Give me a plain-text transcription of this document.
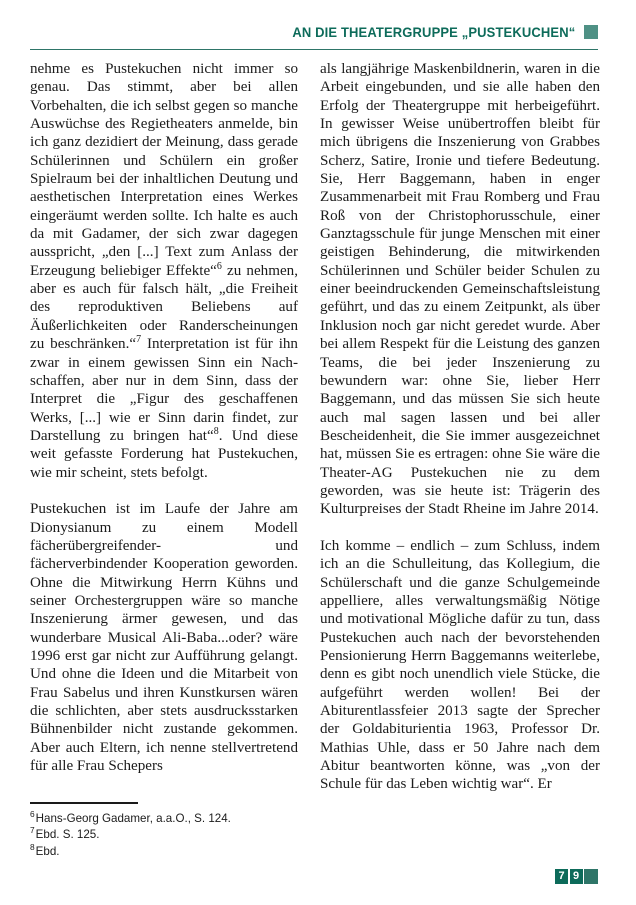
AN DIE THEATERGRUPPE „PUSTEKUCHEN“

nehme es Pustekuchen nicht immer so genau. Das stimmt, aber bei allen Vorbehalten, die ich selbst gegen so manche Auswüchse des Regietheaters anmelde, bin ich ganz dezidiert der Meinung, dass gerade Schülerinnen und Schülern ein großer Spielraum bei der inhaltlichen Deutung und aesthetischen Interpretation eines Werkes eingeräumt werden sollte. Ich halte es auch da mit Gadamer, der sich zwar dagegen ausspricht, „den [...] Text zum Anlass der Erzeugung beliebiger Effekte“$^6$ zu nehmen, aber es auch für falsch hält, „die Freiheit des reproduktiven Beliebens auf Äußerlichkeiten oder Randerscheinungen zu beschränken.“$^7$ Interpretation ist für ihn zwar in einem gewissen Sinn ein Nach-schaffen, aber nur in dem Sinn, dass der Interpret die „Figur des geschaffenen Werks, [...] wie er Sinn darin findet, zur Darstellung zu bringen hat“$^8$. Und diese weit gefasste Forderung hat Pustekuchen, wie mir scheint, stets befolgt.

Pustekuchen ist im Laufe der Jahre am Dionysianum zu einem Modell fächerübergreifender- und fächerverbindender Kooperation geworden. Ohne die Mitwirkung Herrn Kühns und seiner Orchestergruppen wäre so manche Inszenierung ärmer gewesen, und das wunderbare Musical Ali-Baba...oder? wäre 1996 erst gar nicht zur Aufführung gelangt. Und ohne die Ideen und die Mitarbeit von Frau Sabelus und ihren Kunstkursen wären die schlichten, aber stets ausdrucksstarken Bühnenbilder nicht zustande gekommen. Aber auch Eltern, ich nenne stellvertretend für alle Frau Schepers

$^6$Hans-Georg Gadamer, a.a.O., S. 124.

$^7$Ebd. S. 125.

$^8$Ebd.

als langjährige Maskenbildnerin, waren in die Arbeit eingebunden, und sie alle haben den Erfolg der Theatergruppe mit herbeigeführt. In gewisser Weise unübertroffen bleibt für mich übrigens die Inszenierung von Grabbes Scherz, Satire, Ironie und tiefere Bedeutung. Sie, Herr Baggemann, haben in enger Zusammenarbeit mit Frau Romberg und Frau Roß von der Christophorusschule, einer Ganztagsschule für junge Menschen mit einer geistigen Behinderung, die mitwirkenden Schülerinnen und Schüler beider Schulen zu einer beeindruckenden Gemeinschaftsleistung geführt, und das zu einem Zeitpunkt, als über Inklusion noch gar nicht geredet wurde. Aber bei allem Respekt für die Leistung des ganzen Teams, die bei jeder Inszenierung zu bewundern war: ohne Sie, lieber Herr Baggemann, und das müssen Sie sich heute auch mal sagen lassen und bei aller Bescheidenheit, die Sie immer ausgezeichnet hat, müssen Sie es ertragen: ohne Sie wäre die Theater-AG Pustekuchen nie zu dem geworden, was sie heute ist: Trägerin des Kulturpreises der Stadt Rheine im Jahre 2014.

Ich komme – endlich – zum Schluss, indem ich an die Schulleitung, das Kollegium, die Schülerschaft und die ganze Schulgemeinde appelliere, alles verwaltungsmäßig Nötige und motivational Mögliche dafür zu tun, dass Pustekuchen auch nach der bevorstehenden Pensionierung Herrn Baggemanns weiterlebe, denn es gibt noch unendlich viele Stücke, die aufgeführt werden wollen! Bei der Abiturentlassfeier 2013 sagte der Sprecher der Goldabiturientia 1963, Professor Dr. Mathias Uhle, dass er 50 Jahre nach dem Abitur beantworten könne, was „von der Schule für das Leben wichtig war“. Er

7 9
